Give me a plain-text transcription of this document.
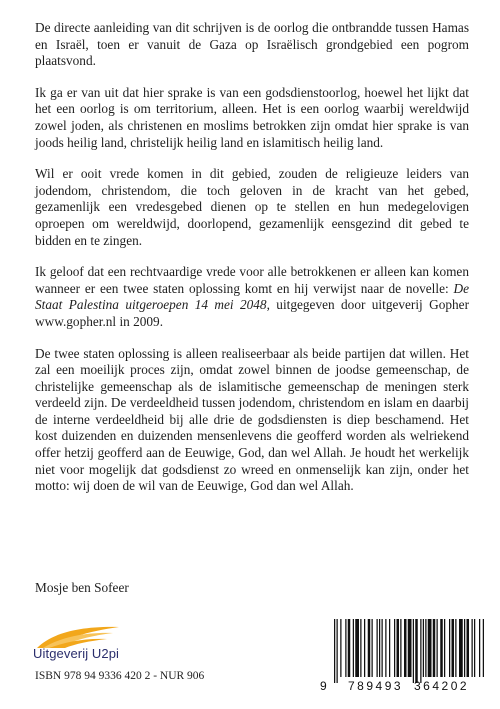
De directe aanleiding van dit schrijven is de oorlog die ontbrandde tussen Hamas en Israël, toen er vanuit de Gaza op Israëlisch grondgebied een pogrom plaatsvond.

Ik ga er van uit dat hier sprake is van een godsdienstoorlog, hoewel het lijkt dat het een oorlog is om territorium, alleen. Het is een oorlog waarbij wereldwijd zowel joden, als christenen en moslims betrokken zijn omdat hier sprake is van joods heilig land, christelijk heilig land en islamitisch heilig land.

Wil er ooit vrede komen in dit gebied, zouden de religieuze leiders van jodendom, christendom, die toch geloven in de kracht van het gebed, gezamenlijk een vredesgebed dienen op te stellen en hun medegelovigen oproepen om wereldwijd, doorlopend, gezamenlijk eensgezind dit gebed te bidden en te zingen.

Ik geloof dat een rechtvaardige vrede voor alle betrokkenen er alleen kan komen wanneer er een twee staten oplossing komt en hij verwijst naar de novelle: De Staat Palestina uitgeroepen 14 mei 2048, uitgegeven door uitgeverij Gopher www.gopher.nl in 2009.

De twee staten oplossing is alleen realiseerbaar als beide partijen dat willen. Het zal een moeilijk proces zijn, omdat zowel binnen de joodse gemeenschap, de christelijke gemeenschap als de islamitische gemeenschap de meningen sterk verdeeld zijn. De verdeeldheid tussen jodendom, christendom en islam en daarbij de interne verdeeldheid bij alle drie de godsdiensten is diep beschamend. Het kost duizenden en duizenden mensenlevens die geofferd worden als welriekend offer hetzij geofferd aan de Eeuwige, God, dan wel Allah. Je houdt het werkelijk niet voor mogelijk dat godsdienst zo wreed en onmenselijk kan zijn, onder het motto: wij doen de wil van de Eeuwige, God dan wel Allah.

Mosje ben Sofeer
Uitgeverij U2pi
ISBN 978 94 9336 420 2 - NUR 906
9 789493 364202
